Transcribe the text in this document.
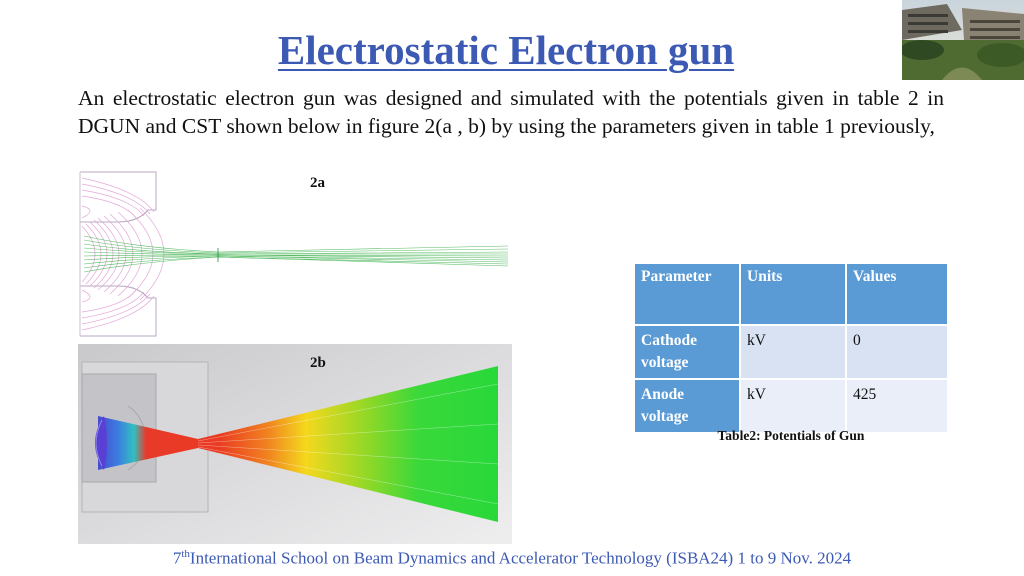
Electrostatic Electron gun
An electrostatic electron gun was designed and simulated with the potentials given in table 2 in DGUN and CST shown below in figure 2(a , b) by using the parameters given in table 1 previously,
2a
2b
Parameter	Units	Values
Cathode voltage	kV	0
Anode voltage	kV	425
Table2: Potentials of Gun
7thInternational School on Beam Dynamics and Accelerator Technology (ISBA24) 1 to 9 Nov. 2024
